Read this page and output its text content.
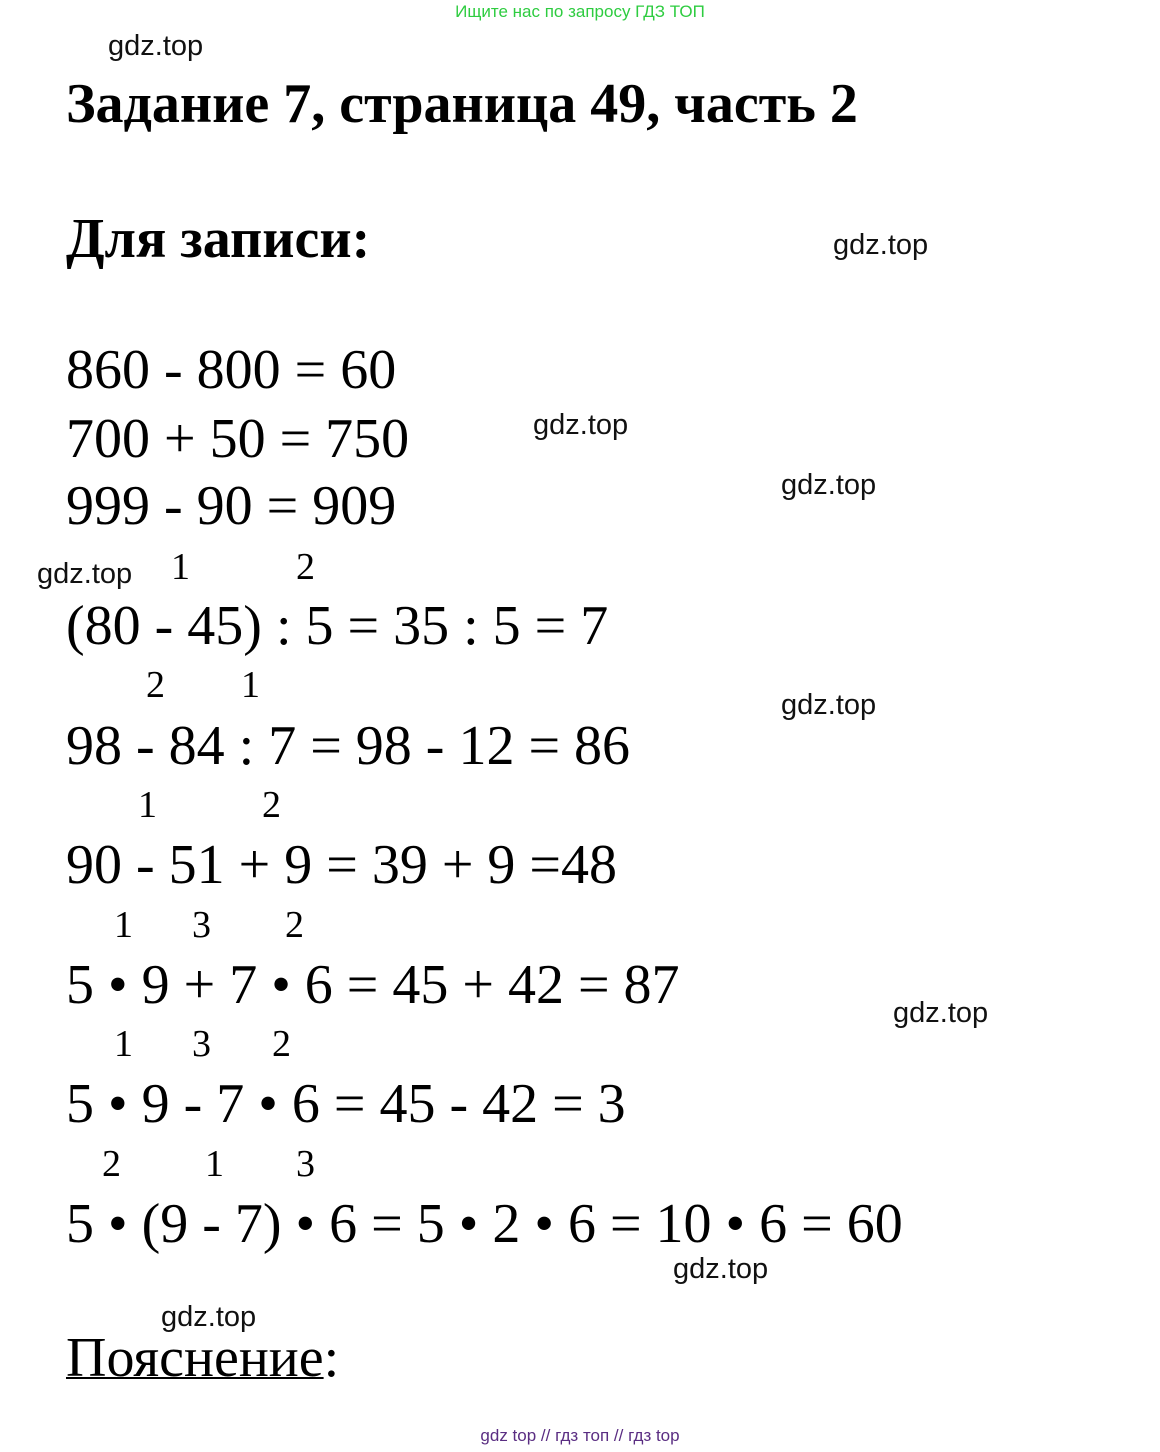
Ищите нас по запросу ГДЗ ТОП
gdz.top
gdz.top
gdz.top
gdz.top
gdz.top
gdz.top
gdz.top
gdz.top
gdz.top
Задание 7, страница 49, часть 2
Для записи:
860 - 800 = 60
700 + 50 = 750
999 - 90 = 909
1	2
(80 - 45) : 5 = 35 : 5 = 7
2 1
98 - 84 : 7 = 98 - 12 = 86
1	2
90 - 51 + 9 = 39 + 9 =48
1 3 2
5 • 9 + 7 • 6 = 45 + 42 = 87
1 3 2
5 • 9 - 7 • 6 = 45 - 42 = 3
2 1 3
5 • (9 - 7) • 6 = 5 • 2 • 6 = 10 • 6 = 60
Пояснение:
gdz top // гдз топ // гдз top
